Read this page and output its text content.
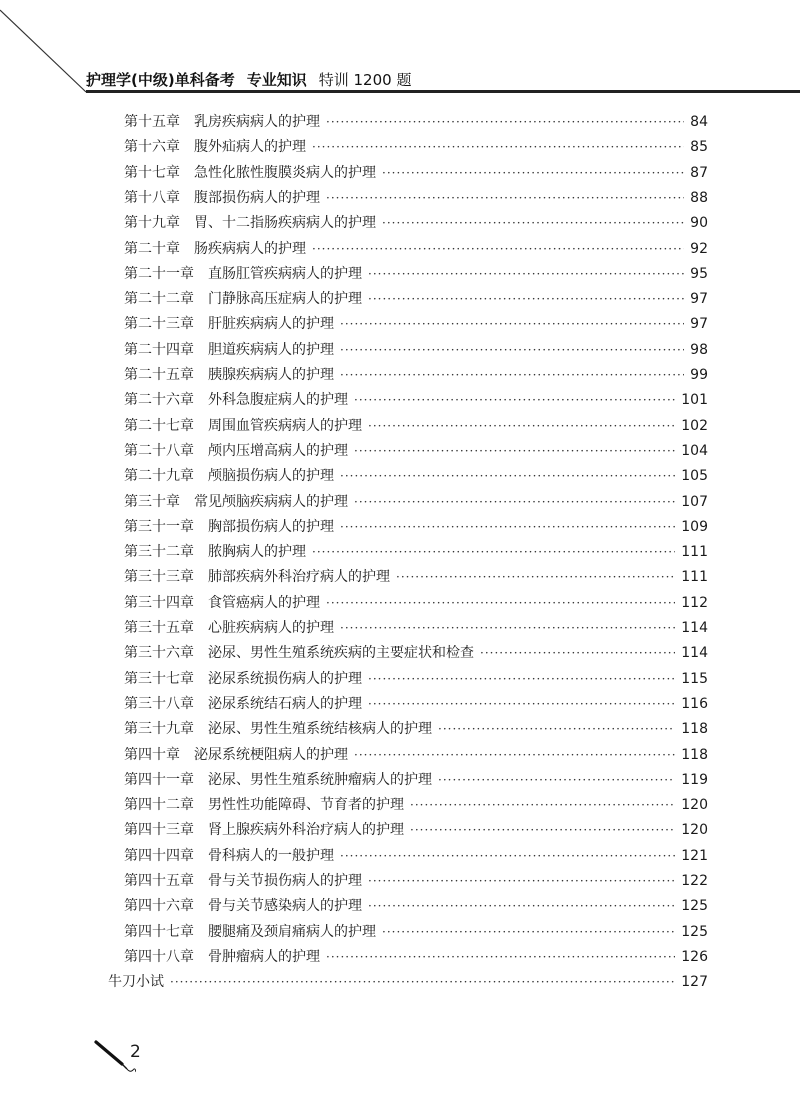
护理学(中级)单科备考 专业知识 特训 1200 题
第十五章 乳房疾病病人的护理 ·····	84
第十六章 腹外疝病人的护理 ·····	85
第十七章 急性化脓性腹膜炎病人的护理 ·····	87
第十八章 腹部损伤病人的护理 ·····	88
第十九章 胃、十二指肠疾病病人的护理 ·····	90
第二十章 肠疾病病人的护理 ·····	92
第二十一章 直肠肛管疾病病人的护理 ·····	95
第二十二章 门静脉高压症病人的护理 ·····	97
第二十三章 肝脏疾病病人的护理 ·····	97
第二十四章 胆道疾病病人的护理 ·····	98
第二十五章 胰腺疾病病人的护理 ·····	99
第二十六章 外科急腹症病人的护理 ·····	101
第二十七章 周围血管疾病病人的护理 ·····	102
第二十八章 颅内压增高病人的护理 ·····	104
第二十九章 颅脑损伤病人的护理 ·····	105
第三十章 常见颅脑疾病病人的护理 ·····	107
第三十一章 胸部损伤病人的护理 ·····	109
第三十二章 脓胸病人的护理 ·····	111
第三十三章 肺部疾病外科治疗病人的护理 ·····	111
第三十四章 食管癌病人的护理 ·····	112
第三十五章 心脏疾病病人的护理 ·····	114
第三十六章 泌尿、男性生殖系统疾病的主要症状和检查 ·····	114
第三十七章 泌尿系统损伤病人的护理 ·····	115
第三十八章 泌尿系统结石病人的护理 ·····	116
第三十九章 泌尿、男性生殖系统结核病人的护理 ·····	118
第四十章 泌尿系统梗阻病人的护理 ·····	118
第四十一章 泌尿、男性生殖系统肿瘤病人的护理 ·····	119
第四十二章 男性性功能障碍、节育者的护理 ·····	120
第四十三章 肾上腺疾病外科治疗病人的护理 ·····	120
第四十四章 骨科病人的一般护理 ·····	121
第四十五章 骨与关节损伤病人的护理 ·····	122
第四十六章 骨与关节感染病人的护理 ·····	125
第四十七章 腰腿痛及颈肩痛病人的护理 ·····	125
第四十八章 骨肿瘤病人的护理 ·····	126
牛刀小试 ·····	127
2
